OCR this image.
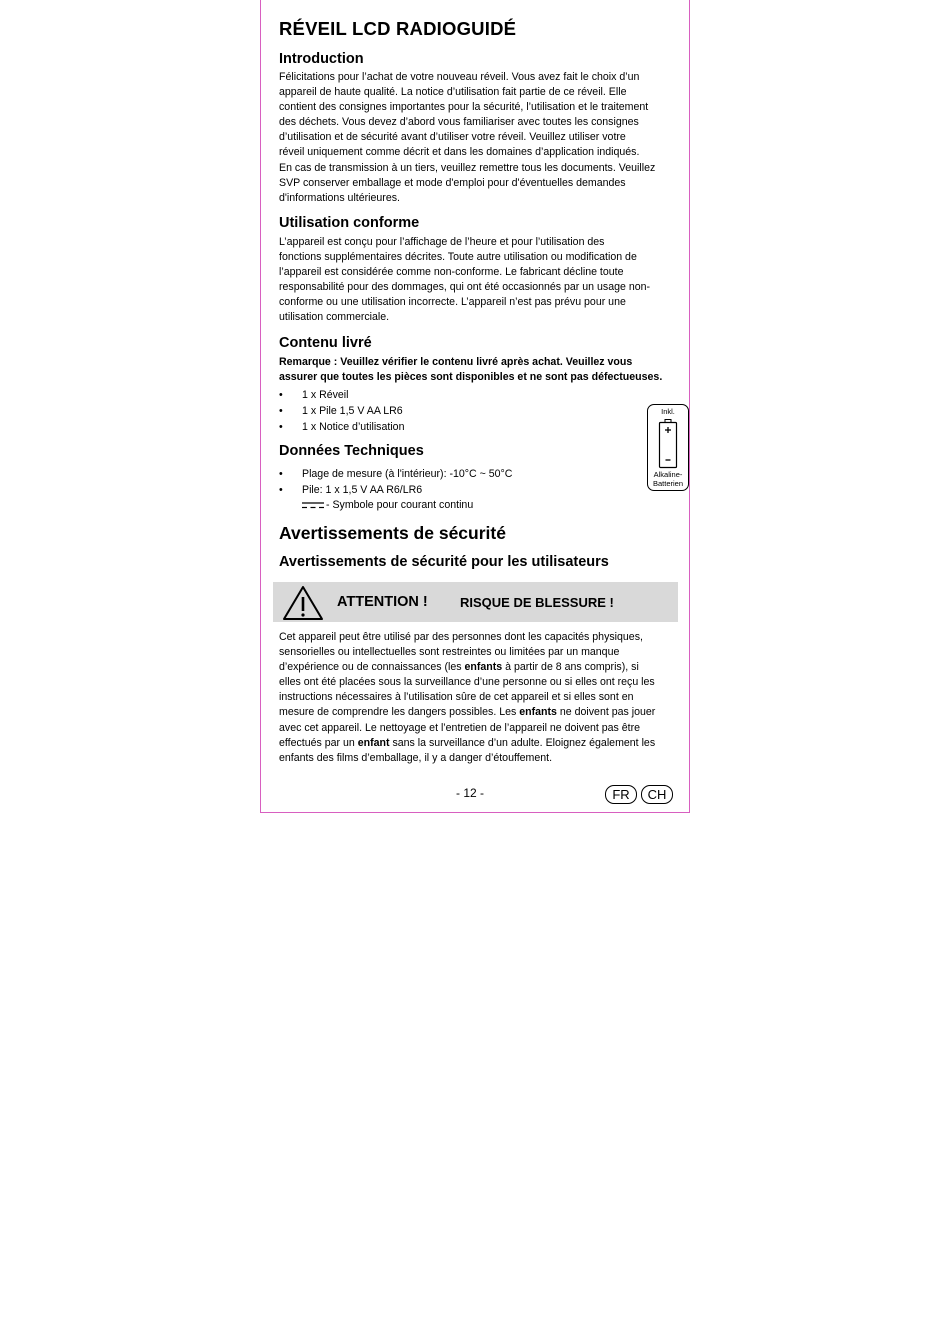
RÉVEIL LCD RADIOGUIDÉ
Introduction
Félicitations pour l’achat de votre nouveau réveil. Vous avez fait le choix d’un
appareil de haute qualité. La notice d’utilisation fait partie de ce réveil. Elle
contient des consignes importantes pour la sécurité, l’utilisation et le traitement
des déchets. Vous devez d’abord vous familiariser avec toutes les consignes
d’utilisation et de sécurité avant d’utiliser votre réveil. Veuillez utiliser votre
réveil uniquement comme décrit et dans les domaines d’application indiqués.
En cas de transmission à un tiers, veuillez remettre tous les documents. Veuillez
SVP conserver emballage et mode d'emploi pour d'éventuelles demandes
d'informations ultérieures.
Utilisation conforme
L’appareil est conçu pour l’affichage de l’heure et pour l’utilisation des
fonctions supplémentaires décrites. Toute autre utilisation ou modification de
l’appareil est considérée comme non-conforme. Le fabricant décline toute
responsabilité pour des dommages, qui ont été occasionnés par un usage non-
conforme ou une utilisation incorrecte. L’appareil n’est pas prévu pour une
utilisation commerciale.
Contenu livré
Remarque : Veuillez vérifier le contenu livré après achat. Veuillez vous
assurer que toutes les pièces sont disponibles et ne sont pas défectueuses.
• 1 x Réveil
• 1 x Pile 1,5 V AA LR6
• 1 x Notice d’utilisation
Inkl.
Alkaline-
Batterien
Données Techniques
• Plage de mesure (à l'intérieur): -10°C ~ 50°C
• Pile: 1 x 1,5 V AA R6/LR6
- Symbole pour courant continu
Avertissements de sécurité
Avertissements de sécurité pour les utilisateurs
ATTENTION ! RISQUE DE BLESSURE !
Cet appareil peut être utilisé par des personnes dont les capacités physiques,
sensorielles ou intellectuelles sont restreintes ou limitées par un manque
d’expérience ou de connaissances (les enfants à partir de 8 ans compris), si
elles ont été placées sous la surveillance d’une personne ou si elles ont reçu les
instructions nécessaires à l’utilisation sûre de cet appareil et si elles sont en
mesure de comprendre les dangers possibles. Les enfants ne doivent pas jouer
avec cet appareil. Le nettoyage et l’entretien de l’appareil ne doivent pas être
effectués par un enfant sans la surveillance d’un adulte. Eloignez également les
enfants des films d’emballage, il y a danger d’étouffement.
- 12 -	FR	CH
